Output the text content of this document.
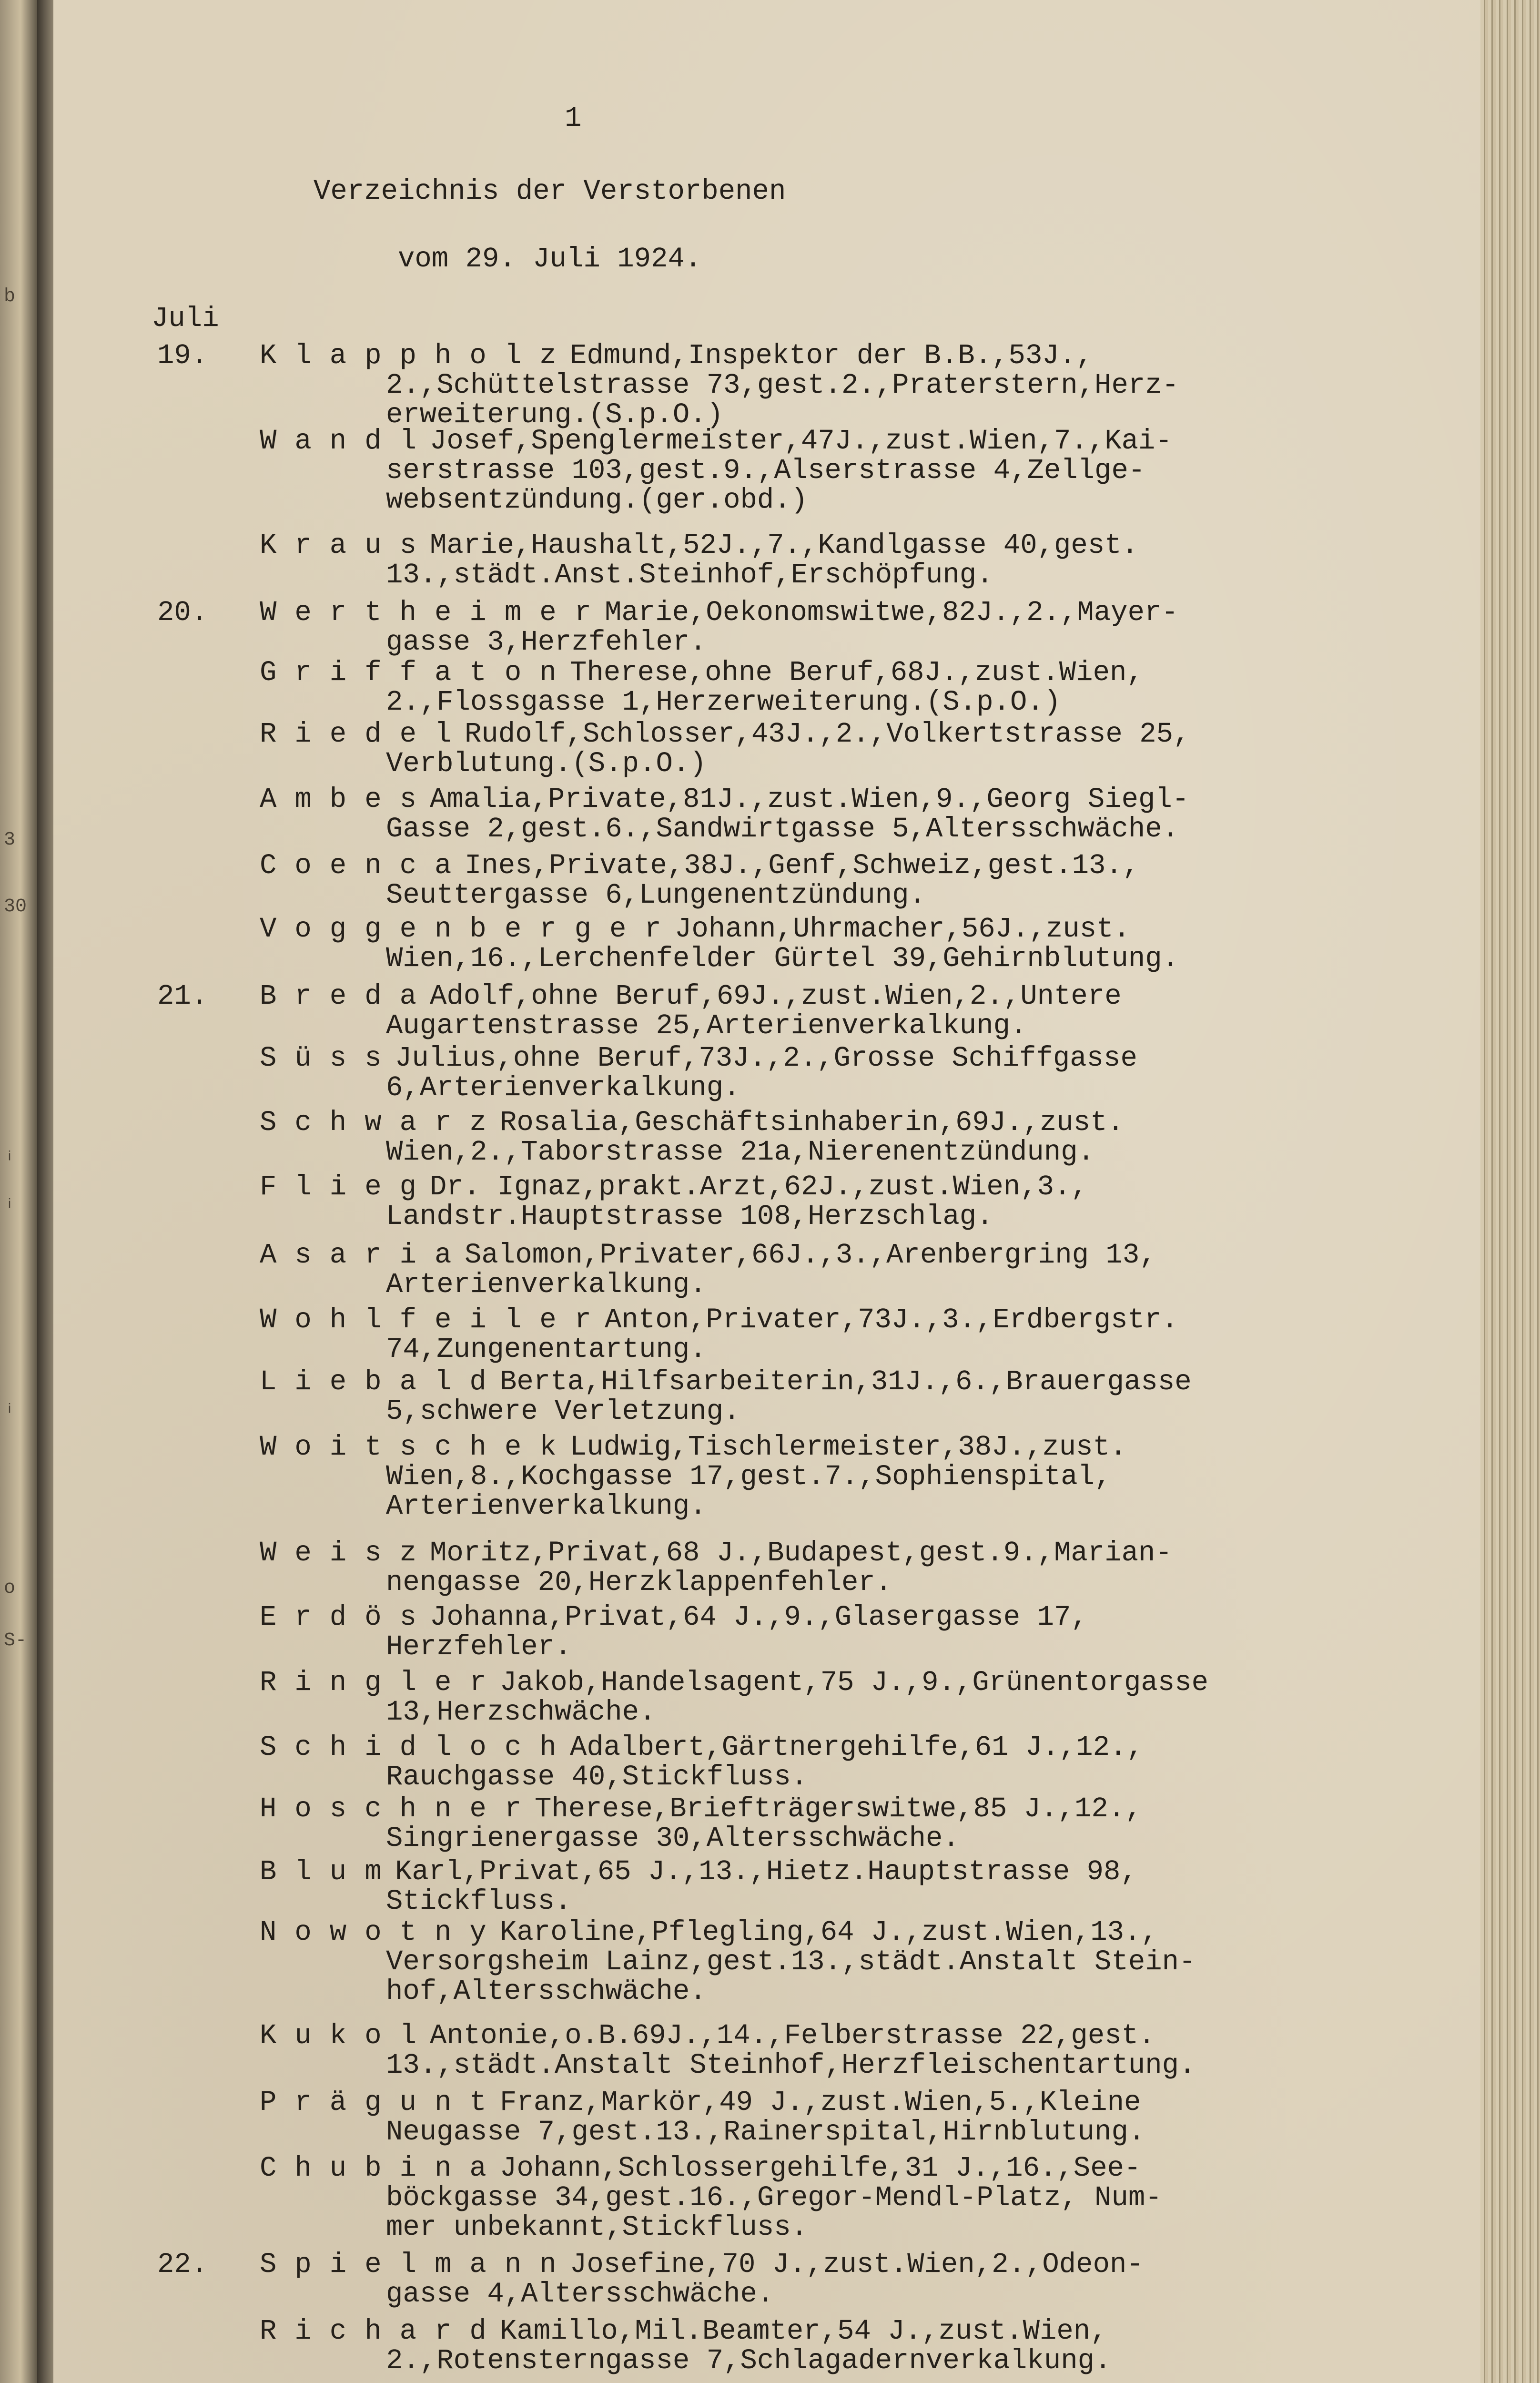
b
3
30
ᵢ
ᵢ
ᵢ
o
S-
1
Verzeichnis der Verstorbenen
vom 29. Juli 1924.
Juli
19. Klappholz
Edmund,Inspektor der B.B.,53J.,
2.,Schüttelstrasse 73,gest.2.,Praterstern,Herz-
erweiterung.(S.p.O.)
Wandl
Josef,Spenglermeister,47J.,zust.Wien,7.,Kai-
serstrasse 103,gest.9.,Alserstrasse 4,Zellge-
websentzündung.(ger.obd.)
Kraus
Marie,Haushalt,52J.,7.,Kandlgasse 40,gest.
13.,städt.Anst.Steinhof,Erschöpfung.
20. Wertheimer
Marie,Oekonomswitwe,82J.,2.,Mayer-
gasse 3,Herzfehler.
Griffaton
Therese,ohne Beruf,68J.,zust.Wien,
2.,Flossgasse 1,Herzerweiterung.(S.p.O.)
Riedel
Rudolf,Schlosser,43J.,2.,Volkertstrasse 25,
Verblutung.(S.p.O.)
Ambes
Amalia,Private,81J.,zust.Wien,9.,Georg Siegl-
Gasse 2,gest.6.,Sandwirtgasse 5,Altersschwäche.
Coenca
Ines,Private,38J.,Genf,Schweiz,gest.13.,
Seuttergasse 6,Lungenentzündung.
Voggenberger
Johann,Uhrmacher,56J.,zust.
Wien,16.,Lerchenfelder Gürtel 39,Gehirnblutung.
21. Breda
Adolf,ohne Beruf,69J.,zust.Wien,2.,Untere
Augartenstrasse 25,Arterienverkalkung.
Süss
Julius,ohne Beruf,73J.,2.,Grosse Schiffgasse
6,Arterienverkalkung.
Schwarz
Rosalia,Geschäftsinhaberin,69J.,zust.
Wien,2.,Taborstrasse 21a,Nierenentzündung.
Flieg
Dr. Ignaz,prakt.Arzt,62J.,zust.Wien,3.,
Landstr.Hauptstrasse 108,Herzschlag.
Asaria
Salomon,Privater,66J.,3.,Arenbergring 13,
Arterienverkalkung.
Wohlfeiler
Anton,Privater,73J.,3.,Erdbergstr.
74,Zungenentartung.
Liebald
Berta,Hilfsarbeiterin,31J.,6.,Brauergasse
5,schwere Verletzung.
Woitschek
Ludwig,Tischlermeister,38J.,zust.
Wien,8.,Kochgasse 17,gest.7.,Sophienspital,
Arterienverkalkung.
Weisz
Moritz,Privat,68 J.,Budapest,gest.9.,Marian-
nengasse 20,Herzklappenfehler.
Erdös
Johanna,Privat,64 J.,9.,Glasergasse 17,
Herzfehler.
Ringler
Jakob,Handelsagent,75 J.,9.,Grünentorgasse
13,Herzschwäche.
Schidloch
Adalbert,Gärtnergehilfe,61 J.,12.,
Rauchgasse 40,Stickfluss.
Hoschner
Therese,Briefträgerswitwe,85 J.,12.,
Singrienergasse 30,Altersschwäche.
Blum
Karl,Privat,65 J.,13.,Hietz.Hauptstrasse 98,
Stickfluss.
Nowotny
Karoline,Pflegling,64 J.,zust.Wien,13.,
Versorgsheim Lainz,gest.13.,städt.Anstalt Stein-
hof,Altersschwäche.
Kukol
Antonie,o.B.69J.,14.,Felberstrasse 22,gest.
13.,städt.Anstalt Steinhof,Herzfleischentartung.
Prägunt
Franz,Markör,49 J.,zust.Wien,5.,Kleine
Neugasse 7,gest.13.,Rainerspital,Hirnblutung.
Chubina
Johann,Schlossergehilfe,31 J.,16.,See-
böckgasse 34,gest.16.,Gregor-Mendl-Platz, Num-
mer unbekannt,Stickfluss.
22. Spielmann
Josefine,70 J.,zust.Wien,2.,Odeon-
gasse 4,Altersschwäche.
Richard
Kamillo,Mil.Beamter,54 J.,zust.Wien,
2.,Rotensterngasse 7,Schlagadernverkalkung.
